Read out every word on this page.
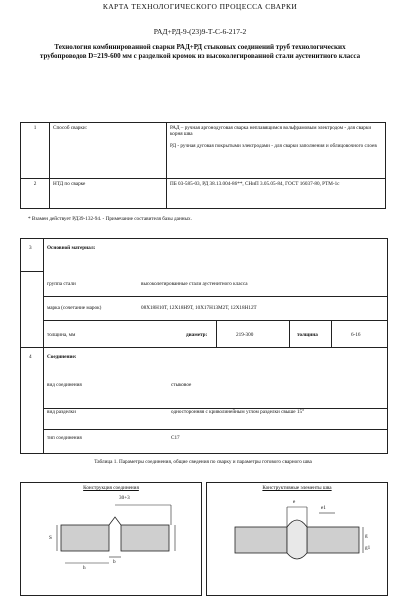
КАРТА ТЕХНОЛОГИЧЕСКОГО ПРОЦЕССА СВАРКИ
РАД+РД-9-(23)9-Т-С-6-217-2
Технология комбинированной сварки РАД+РД стыковых соединений труб технологических трубопроводов D=219-600 мм с разделкой кромок из высоколегированной стали аустенитного класса
1	Способ сварки:	РАД – ручная аргонодуговая сварка неплавящимся вольфрамовым электродом - для сварки корня шва
РД - ручная дуговая покрытыми электродами - для сварки заполнения и облицовочного слоев

2	НТД по сварке	ПБ 03-585-03, РД 38.13.004-86**, СНиП 3.05.05-84, ГОСТ 16037-80, РТМ-1с
* Взамен действует РД39-132-94. - Примечание составителя базы данных.
3	Основной материал:
группа стали	высоколегированные стали аустенитного класса
марка (сочетание марок)	08Х18Н10Т, 12Х18Н9Т, 10Х17Н13М2Т, 12Х18Н12Т
толщина, мм	диаметр:	219-300	толщина	6-16
4	Соединение:
вид соединения	стыковое
вид разделки	односторонняя с криволинейным углом разделки свыше 15°
тип соединения	С17
Таблица 1. Параметры соединения, общие сведения по сварку и параметры готового сварного шва
Конструкция соединения
30+3
S
h
b
Конструктивные элементы шва
e
e1
g
g1
